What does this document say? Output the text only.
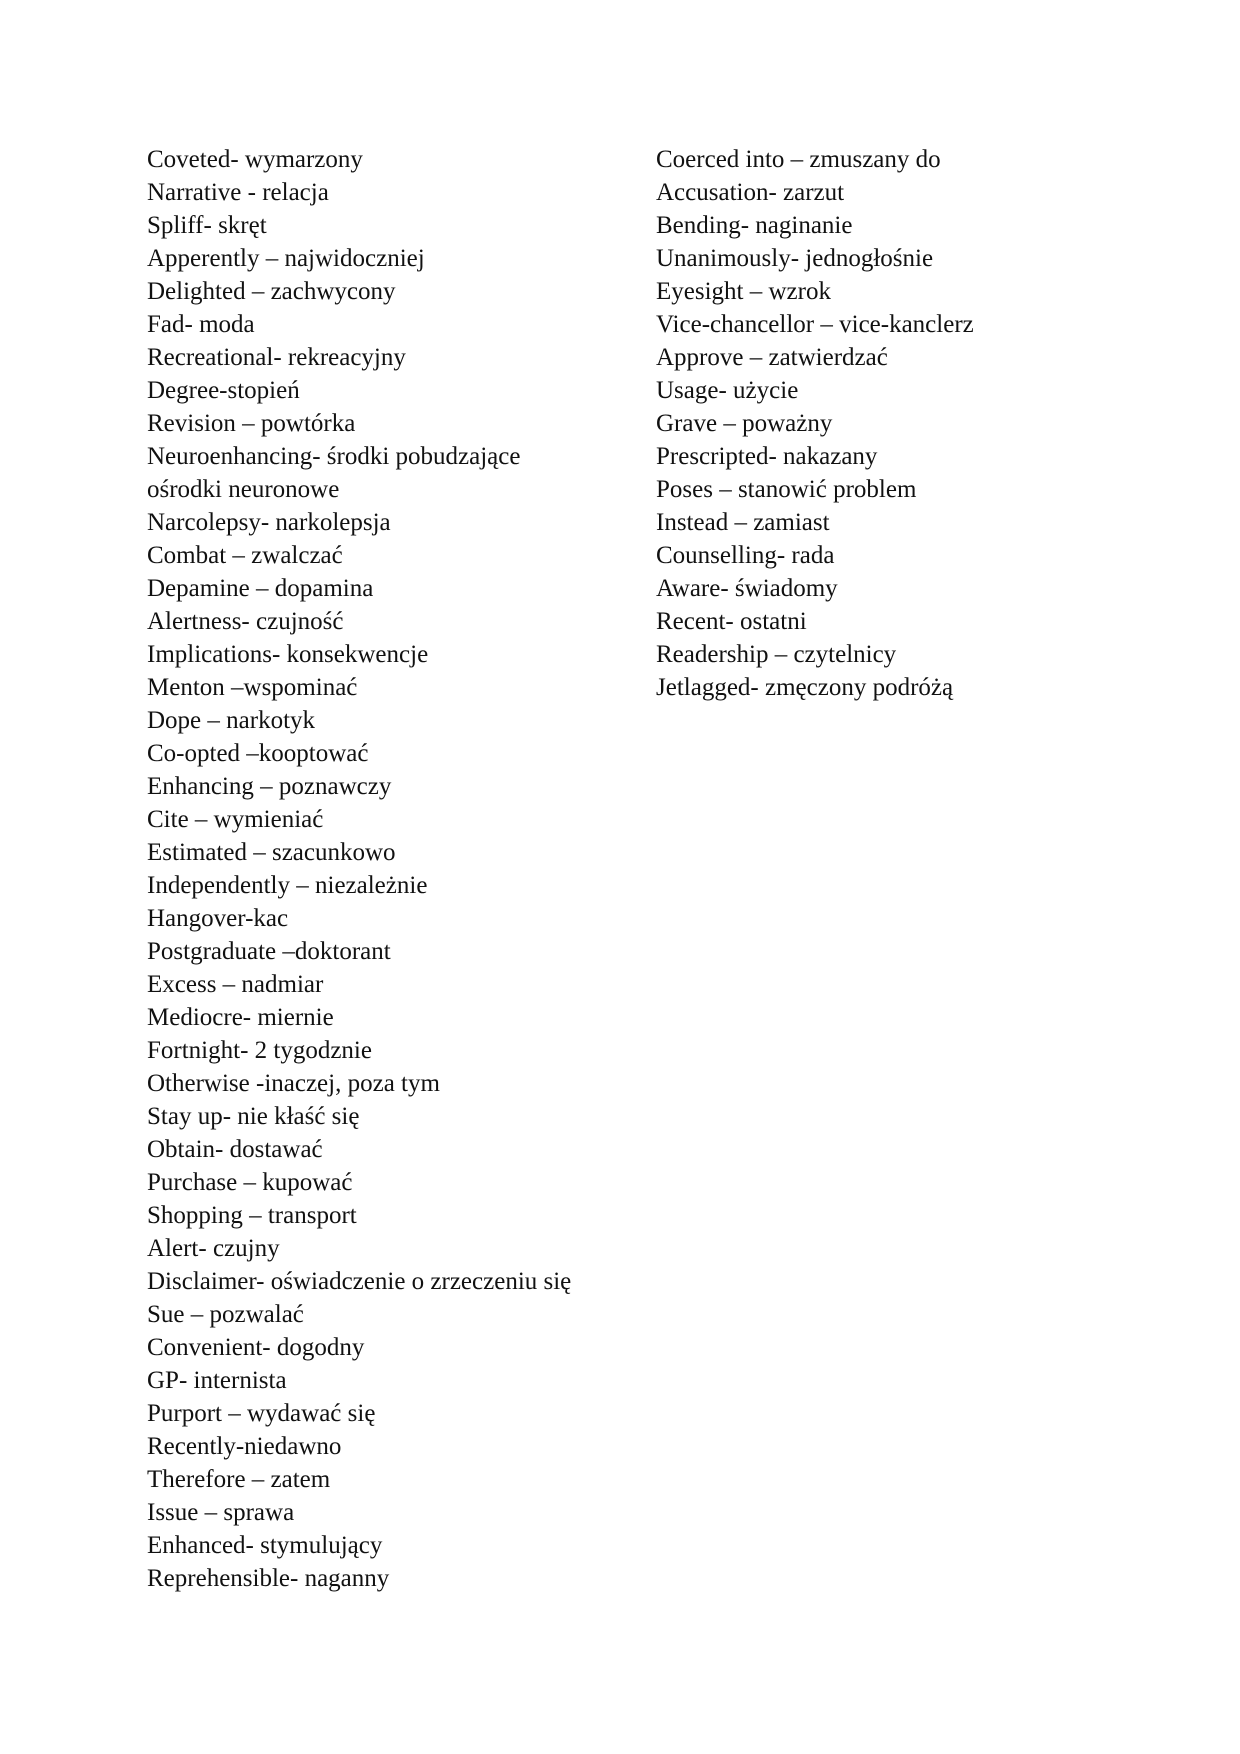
Coveted- wymarzony
Narrative - relacja
Spliff- skręt
Apperently – najwidoczniej
Delighted – zachwycony
Fad- moda
Recreational- rekreacyjny
Degree-stopień
Revision – powtórka
Neuroenhancing- środki pobudzające
ośrodki neuronowe
Narcolepsy- narkolepsja
Combat – zwalczać
Depamine – dopamina
Alertness- czujność
Implications- konsekwencje
Menton –wspominać
Dope – narkotyk
Co-opted –kooptować
Enhancing – poznawczy
Cite – wymieniać
Estimated – szacunkowo
Independently – niezależnie
Hangover-kac
Postgraduate –doktorant
Excess – nadmiar
Mediocre- miernie
Fortnight- 2 tygodznie
Otherwise -inaczej, poza tym
Stay up- nie kłaść się
Obtain- dostawać
Purchase – kupować
Shopping – transport
Alert- czujny
Disclaimer- oświadczenie o zrzeczeniu się
Sue – pozwalać
Convenient- dogodny
GP- internista
Purport – wydawać się
Recently-niedawno
Therefore – zatem
Issue – sprawa
Enhanced- stymulujący
Reprehensible- naganny
Coerced into – zmuszany do
Accusation- zarzut
Bending- naginanie
Unanimously- jednogłośnie
Eyesight – wzrok
Vice-chancellor – vice-kanclerz
Approve – zatwierdzać
Usage- użycie
Grave – poważny
Prescripted- nakazany
Poses – stanowić problem
Instead – zamiast
Counselling- rada
Aware- świadomy
Recent- ostatni
Readership – czytelnicy
Jetlagged- zmęczony podróżą
